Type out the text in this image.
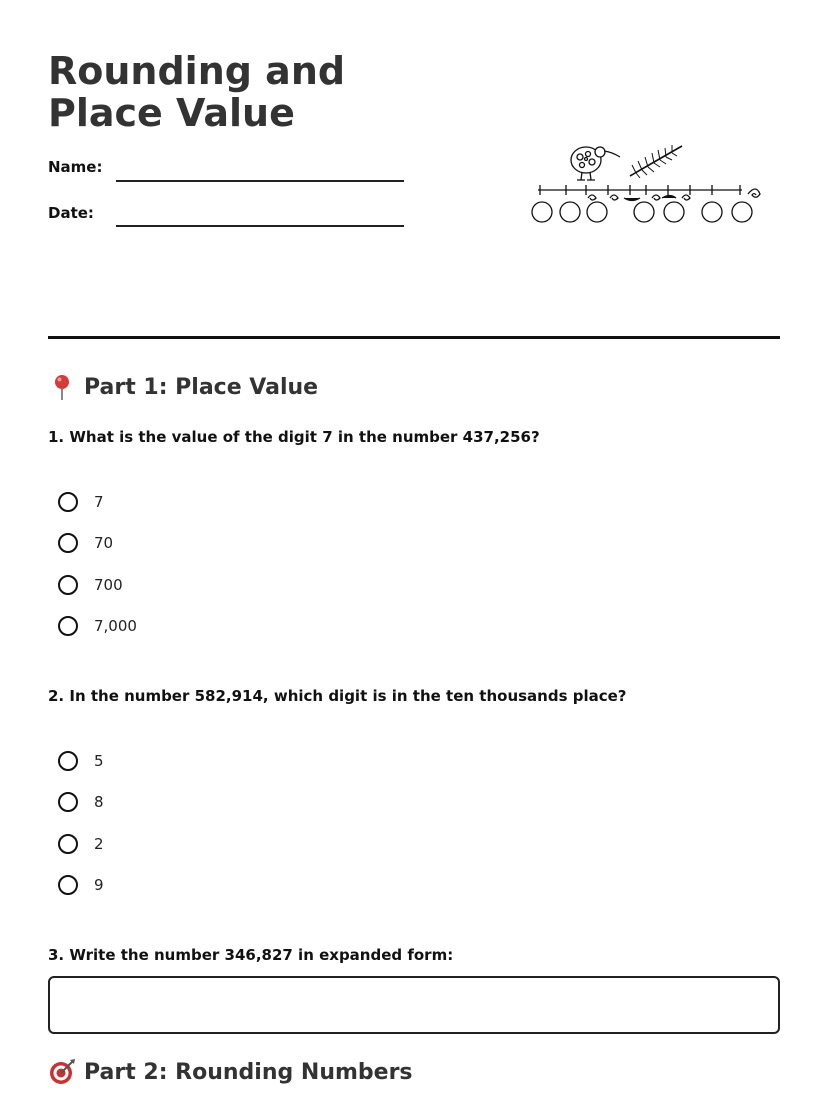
Rounding and Place Value
Name:
Date:
Part 1: Place Value
1. What is the value of the digit 7 in the number 437,256?
7
70
700
7,000
2. In the number 582,914, which digit is in the ten thousands place?
5
8
2
9
3. Write the number 346,827 in expanded form:
Part 2: Rounding Numbers
